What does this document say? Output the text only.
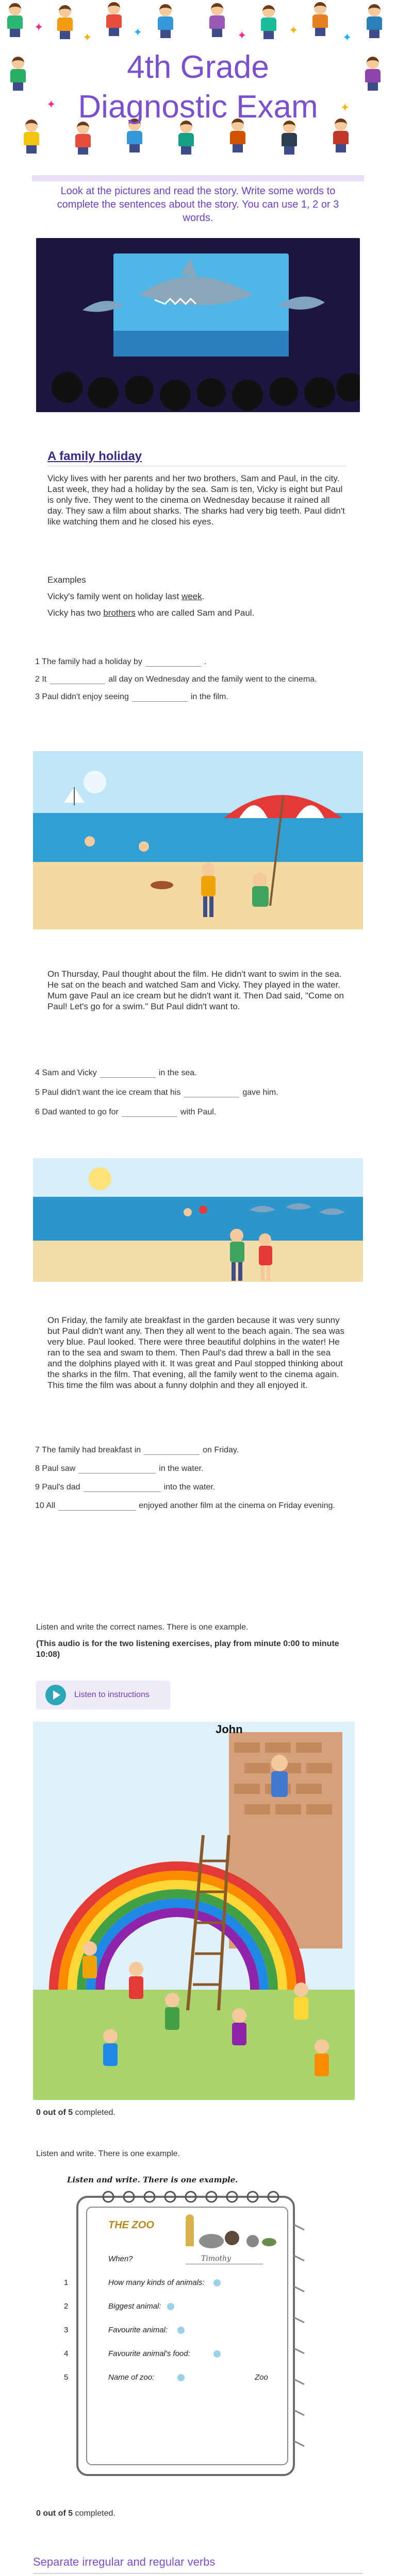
✦
✦	✦	✦	✦
✦
✦	✦
4th Grade
Diagnostic Exam
Look at the pictures and read the story. Write some words to complete the sentences about the story. You can use 1, 2 or 3 words.
A family holiday
Vicky lives with her parents and her two brothers, Sam and Paul, in the city. Last week, they had a holiday by the sea. Sam is ten, Vicky is eight but Paul is only five. They went to the cinema on Wednesday because it rained all day. They saw a film about sharks. The sharks had very big teeth. Paul didn't like watching them and he closed his eyes.
Examples
Vicky's family went on holiday last week.
Vicky has two brothers who are called Sam and Paul.
1 The family had a holiday by	.
2 It	all day on Wednesday and the family went to the cinema.
3 Paul didn't enjoy seeing	in the film.
On Thursday, Paul thought about the film. He didn't want to swim in the sea. He sat on the beach and watched Sam and Vicky. They played in the water. Mum gave Paul an ice cream but he didn't want it. Then Dad said, "Come on Paul! Let's go for a swim." But Paul didn't want to.
4 Sam and Vicky	in the sea.
5 Paul didn't want the ice cream that his	gave him.
6 Dad wanted to go for	with Paul.
On Friday, the family ate breakfast in the garden because it was very sunny but Paul didn't want any. Then they all went to the beach again. The sea was very blue. Paul looked. There were three beautiful dolphins in the water! He ran to the sea and swam to them. Then Paul's dad threw a ball in the sea and the dolphins played with it. It was great and Paul stopped thinking about the sharks in the film. That evening, all the family went to the cinema again. This time the film was about a funny dolphin and they all enjoyed it.
7 The family had breakfast in	on Friday.
8 Paul saw	in the water.
9 Paul's dad	into the water.
10 All	enjoyed another film at the cinema on Friday evening.
Listen and write the correct names. There is one example.
(This audio is for the two listening exercises, play from minute 0:00 to minute 10:08)
Listen to instructions
John
0 out of 5 completed.
Listen and write. There is one example.
Listen and write. There is one example.
THE ZOO
When?	Timothy
1	How many kinds of animals:
2	Biggest animal:
3	Favourite animal:
4	Favourite animal's food:
5	Name of zoo:	Zoo
0 out of 5 completed.
Separate irregular and regular verbs
